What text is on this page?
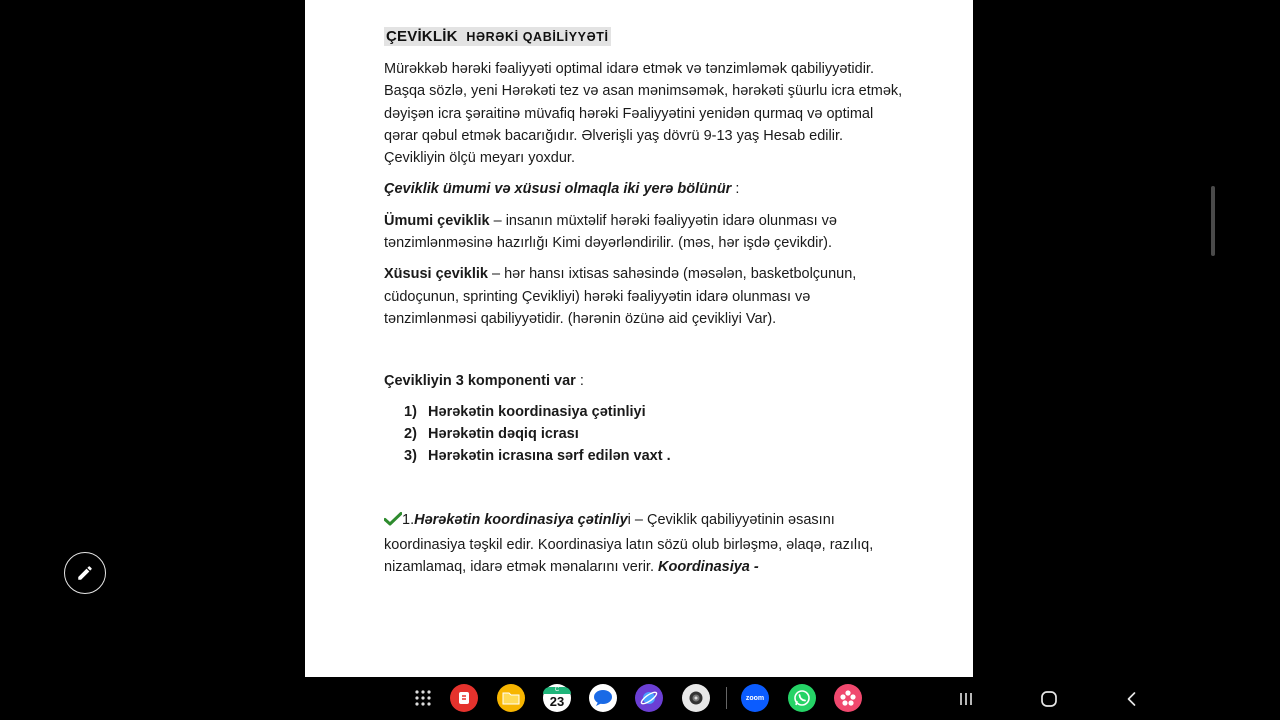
ÇEVİKLİK HƏRƏKİ QABİLİYYƏTİ

Mürəkkəb hərəki fəaliyyəti optimal idarə etmək və tənzimləmək qabiliyyətidir. Başqa sözlə, yeni Hərəkəti tez və asan mənimsəmək, hərəkəti şüurlu icra etmək, dəyişən icra şəraitinə müvafiq hərəki Fəaliyyətini yenidən qurmaq və optimal qərar qəbul etmək bacarığıdır. Əlverişli yaş dövrü 9-13 yaş Hesab edilir. Çevikliyin ölçü meyarı yoxdur.

Çeviklik ümumi və xüsusi olmaqla iki yerə bölünür :

Ümumi çeviklik – insanın müxtəlif hərəki fəaliyyətin idarə olunması və tənzimlənməsinə hazırlığı Kimi dəyərləndirilir. (məs, hər işdə çevikdir).

Xüsusi çeviklik – hər hansı ixtisas sahəsində (məsələn, basketbolçunun, cüdoçunun, sprinting Çevikliyi) hərəki fəaliyyətin idarə olunması və tənzimlənməsi qabiliyyətidir. (hərənin özünə aid çevikliyi Var).

Çevikliyin 3 komponenti var :

1) Hərəkətin koordinasiya çətinliyi
2) Hərəkətin dəqiq icrası
3) Hərəkətin icrasına sərf edilən vaxt .

1.Hərəkətin koordinasiya çətinliyi – Çeviklik qabiliyyətinin əsasını koordinasiya təşkil edir. Koordinasiya latın sözü olub birləşmə, əlaqə, razılıq, nizamlamaq, idarə etmək mənalarını verir. Koordinasiya -

C
23	zoom
